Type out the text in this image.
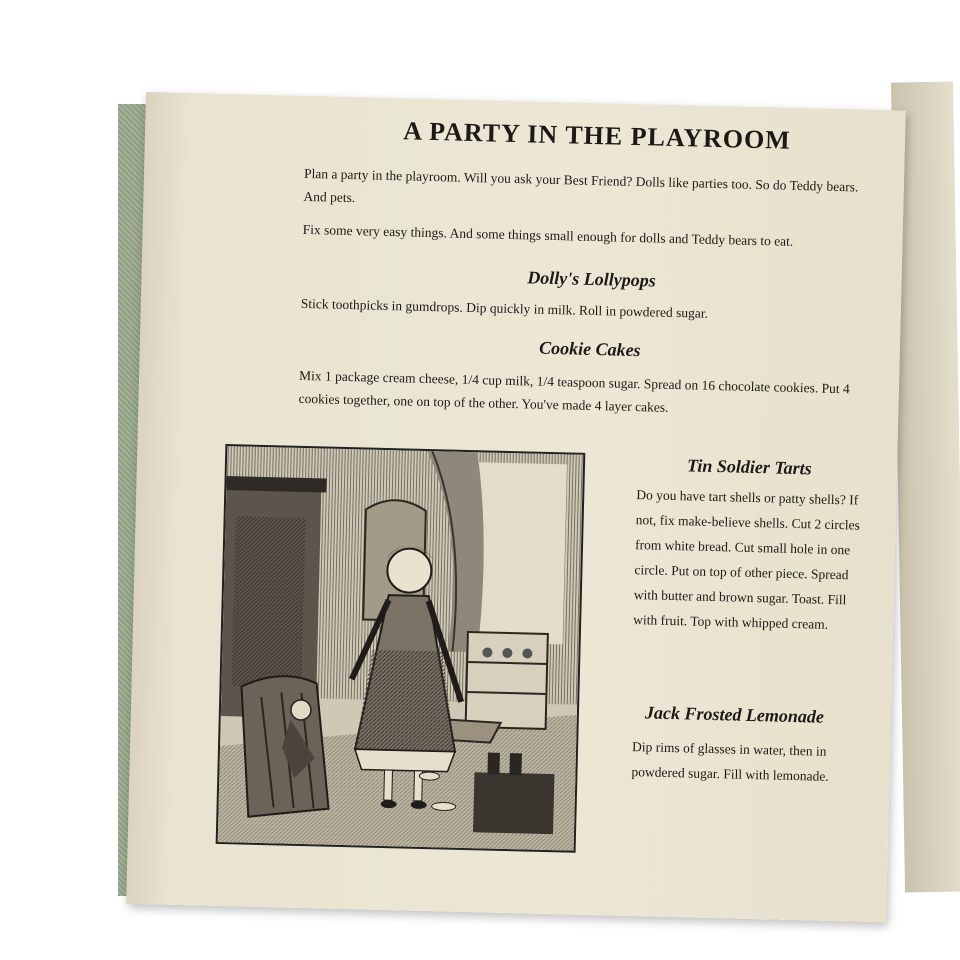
A PARTY IN THE PLAYROOM

Plan a party in the playroom. Will you ask your Best Friend? Dolls like parties too. So do Teddy bears. And pets.

Fix some very easy things. And some things small enough for dolls and Teddy bears to eat.

Dolly's Lollypops

Stick toothpicks in gumdrops. Dip quickly in milk. Roll in powdered sugar.

Cookie Cakes

Mix 1 package cream cheese, 1/4 cup milk, 1/4 teaspoon sugar. Spread on 16 chocolate cookies. Put 4 cookies together, one on top of the other. You've made 4 layer cakes.

Tin Soldier Tarts

Do you have tart shells or patty shells? If not, fix make-believe shells. Cut 2 circles from white bread. Cut small hole in one circle. Put on top of other piece. Spread with butter and brown sugar. Toast. Fill with fruit. Top with whipped cream.

Jack Frosted Lemonade

Dip rims of glasses in water, then in powdered sugar. Fill with lemonade.
